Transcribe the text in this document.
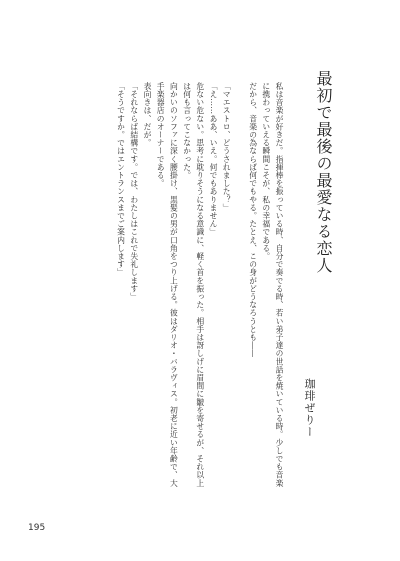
最初で最後の最愛なる恋人
珈琲ぜりー

私は音楽が好きだ。指揮棒を振っている時、自分で奏でる時、若い弟子達の世話を焼いている時。少しでも音楽に携わっていえる瞬間こそが、私の幸福である。

だから、音楽の為ならば何でもやる。たとえ、この身がどうなろうとも――

「マエストロ、どうされました？」

「え……ああ、いえ。何でもありません」

危ない危ない。思考に耽りそうになる意識に、軽く首を振った。相手は訝しげに眉間に皺を寄せるが、それ以上は何も言ってこなかった。

向かいのソファに深く腰掛け、黒髪の男が口角をつり上げる。彼はダリオ・バラヴィス。初老に近い年齢で、大手楽器店のオーナーである。

表向きは、だが。

「それならば結構です。では、わたしはこれで失礼します」

「そうですか。ではエントランスまでご案内します」

195
